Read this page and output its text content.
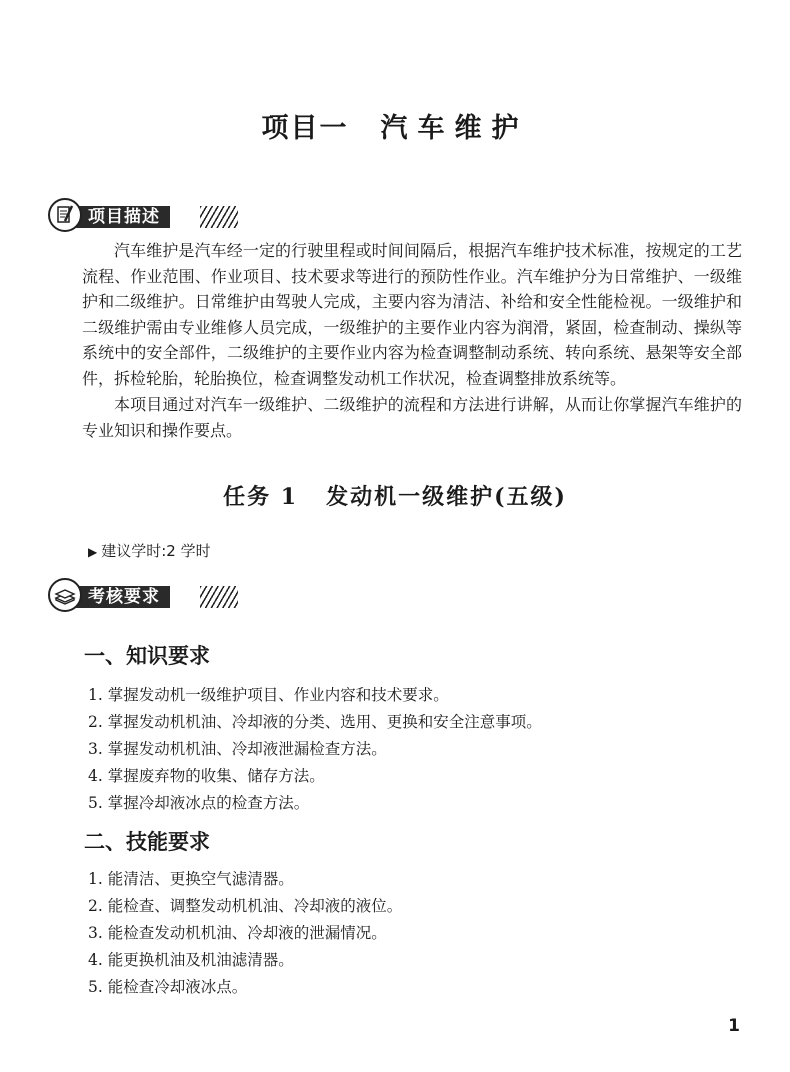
项目一 汽车维护
项目描述

汽车维护是汽车经一定的行驶里程或时间间隔后，根据汽车维护技术标准，按规定的工艺流程、作业范围、作业项目、技术要求等进行的预防性作业。汽车维护分为日常维护、一级维护和二级维护。日常维护由驾驶人完成，主要内容为清洁、补给和安全性能检视。一级维护和二级维护需由专业维修人员完成，一级维护的主要作业内容为润滑，紧固，检查制动、操纵等系统中的安全部件，二级维护的主要作业内容为检查调整制动系统、转向系统、悬架等安全部件，拆检轮胎，轮胎换位，检查调整发动机工作状况，检查调整排放系统等。

本项目通过对汽车一级维护、二级维护的流程和方法进行讲解，从而让你掌握汽车维护的专业知识和操作要点。

任务 1 发动机一级维护(五级)
▶ 建议学时:2 学时
考核要求
一、知识要求
1. 掌握发动机一级维护项目、作业内容和技术要求。
2. 掌握发动机机油、冷却液的分类、选用、更换和安全注意事项。
3. 掌握发动机机油、冷却液泄漏检查方法。
4. 掌握废弃物的收集、储存方法。
5. 掌握冷却液冰点的检查方法。
二、技能要求
1. 能清洁、更换空气滤清器。
2. 能检查、调整发动机机油、冷却液的液位。
3. 能检查发动机机油、冷却液的泄漏情况。
4. 能更换机油及机油滤清器。
5. 能检查冷却液冰点。
1
